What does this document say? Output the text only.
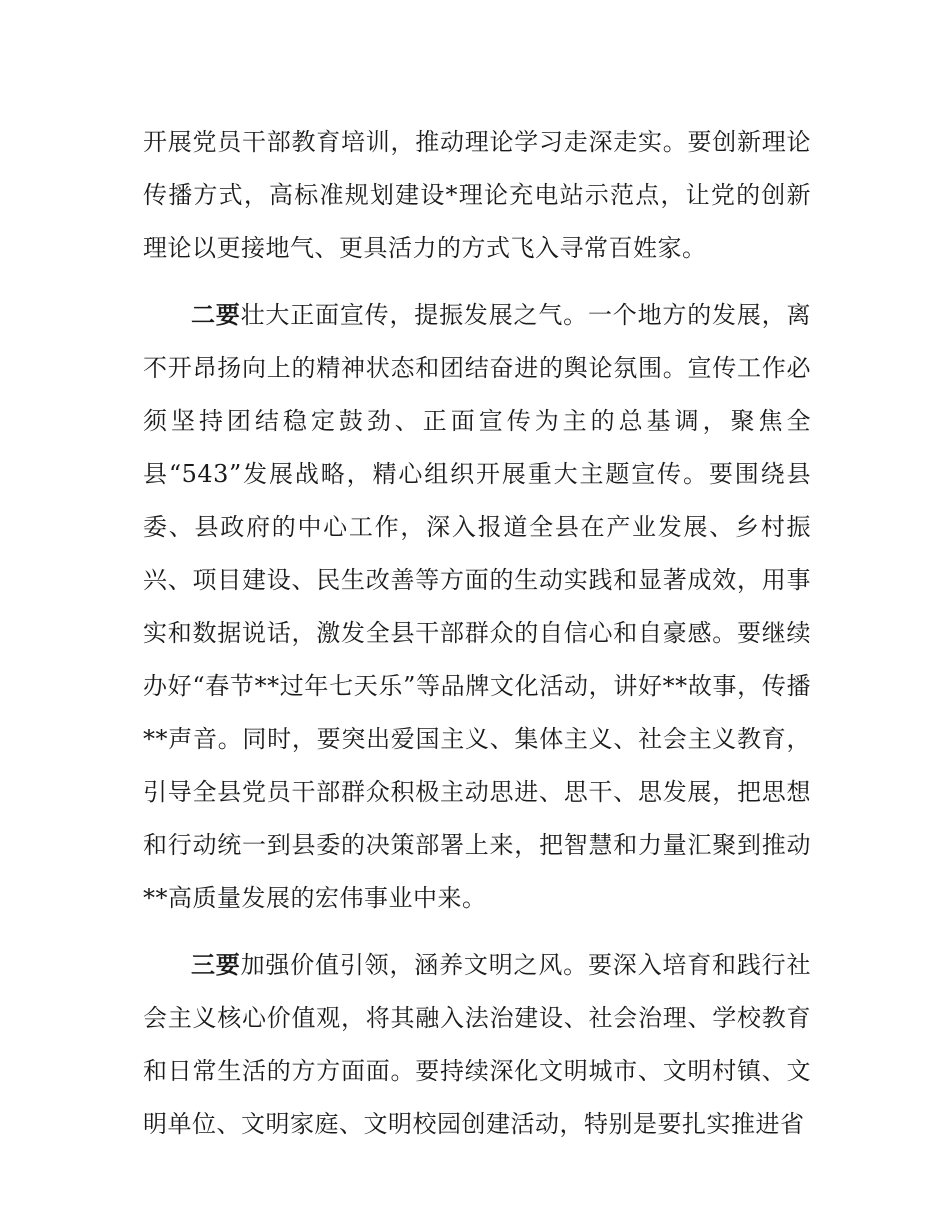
开展党员干部教育培训，推动理论学习走深走实。要创新理论传播方式，高标准规划建设*理论充电站示范点，让党的创新理论以更接地气、更具活力的方式飞入寻常百姓家。

二要壮大正面宣传，提振发展之气。一个地方的发展，离不开昂扬向上的精神状态和团结奋进的舆论氛围。宣传工作必须坚持团结稳定鼓劲、正面宣传为主的总基调，聚焦全县“543”发展战略，精心组织开展重大主题宣传。要围绕县委、县政府的中心工作，深入报道全县在产业发展、乡村振兴、项目建设、民生改善等方面的生动实践和显著成效，用事实和数据说话，激发全县干部群众的自信心和自豪感。要继续办好“春节**过年七天乐”等品牌文化活动，讲好**故事，传播**声音。同时，要突出爱国主义、集体主义、社会主义教育，引导全县党员干部群众积极主动思进、思干、思发展，把思想和行动统一到县委的决策部署上来，把智慧和力量汇聚到推动**高质量发展的宏伟事业中来。

三要加强价值引领，涵养文明之风。要深入培育和践行社会主义核心价值观，将其融入法治建设、社会治理、学校教育和日常生活的方方面面。要持续深化文明城市、文明村镇、文明单位、文明家庭、文明校园创建活动，特别是要扎实推进省
